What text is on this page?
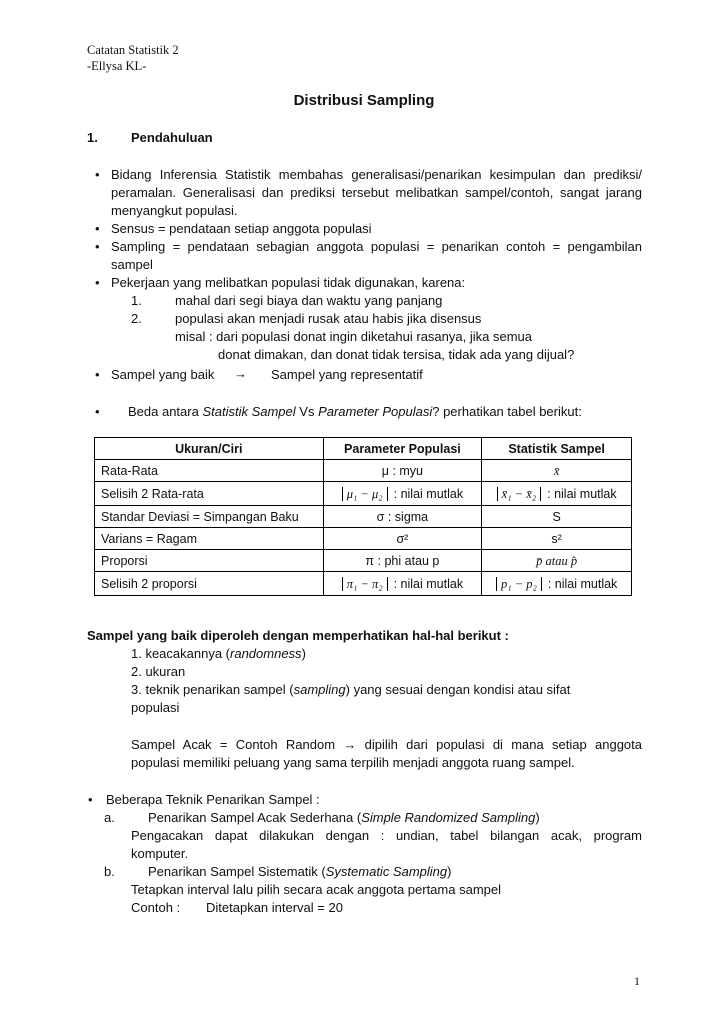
Catatan Statistik 2
-Ellysa KL-
Distribusi Sampling
1.	Pendahuluan
• Bidang Inferensia Statistik membahas generalisasi/penarikan kesimpulan dan prediksi/
peramalan. Generalisasi dan prediksi tersebut melibatkan sampel/contoh, sangat jarang
menyangkut populasi.
• Sensus = pendataan setiap anggota populasi
• Sampling = pendataan sebagian anggota populasi = penarikan contoh = pengambilan
sampel
• Pekerjaan yang melibatkan populasi tidak digunakan, karena:
1.	mahal dari segi biaya dan waktu yang panjang
2.	populasi akan menjadi rusak atau habis jika disensus
misal : dari populasi donat ingin diketahui rasanya, jika semua
donat dimakan, dan donat tidak tersisa, tidak ada yang dijual?
• Sampel yang baik → Sampel yang representatif
• Beda antara Statistik Sampel Vs Parameter Populasi? perhatikan tabel berikut:
Ukuran/Ciri	Parameter Populasi	Statistik Sampel
Rata-Rata	μ : myu	x̄
Selisih 2 Rata-rata	μ₁ − μ₂ : nilai mutlak	x̄₁ − x̄₂ : nilai mutlak
Standar Deviasi = Simpangan Baku	σ : sigma	S
Varians = Ragam	σ²	s²
Proporsi	π : phi atau p	p̄ atau p̂
Selisih 2 proporsi	π₁ − π₂ : nilai mutlak	p₁ − p₂ : nilai mutlak
Sampel yang baik diperoleh dengan memperhatikan hal-hal berikut :
1. keacakannya (randomness)
2. ukuran
3. teknik penarikan sampel (sampling) yang sesuai dengan kondisi atau sifat
populasi
Sampel Acak = Contoh Random → dipilih dari populasi di mana setiap anggota
populasi memiliki peluang yang sama terpilih menjadi anggota ruang sampel.
• Beberapa Teknik Penarikan Sampel :
a.	Penarikan Sampel Acak Sederhana (Simple Randomized Sampling)
Pengacakan dapat dilakukan dengan : undian, tabel bilangan acak, program
komputer.
b.	Penarikan Sampel Sistematik (Systematic Sampling)
Tetapkan interval lalu pilih secara acak anggota pertama sampel
Contoh : Ditetapkan interval = 20
1
